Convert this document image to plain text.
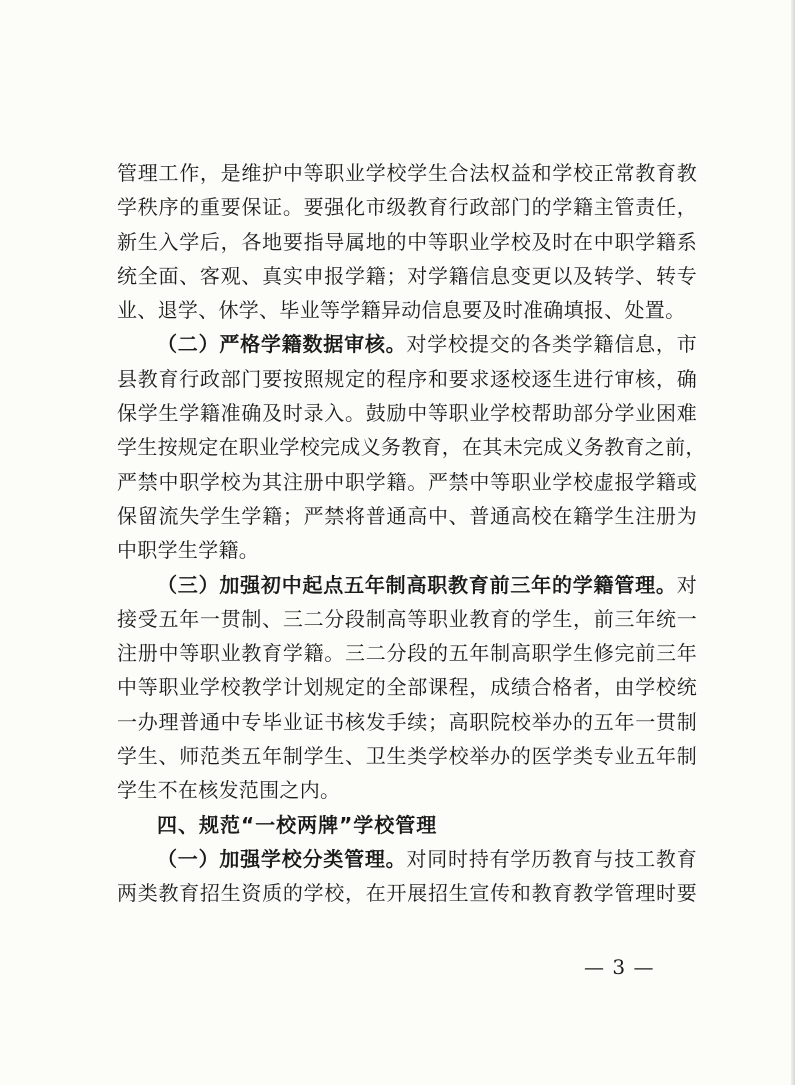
管理工作，是维护中等职业学校学生合法权益和学校正常教育教
学秩序的重要保证。要强化市级教育行政部门的学籍主管责任，
新生入学后，各地要指导属地的中等职业学校及时在中职学籍系
统全面、客观、真实申报学籍；对学籍信息变更以及转学、转专
业、退学、休学、毕业等学籍异动信息要及时准确填报、处置。
（二）严格学籍数据审核。对学校提交的各类学籍信息，市
县教育行政部门要按照规定的程序和要求逐校逐生进行审核，确
保学生学籍准确及时录入。鼓励中等职业学校帮助部分学业困难
学生按规定在职业学校完成义务教育，在其未完成义务教育之前，
严禁中职学校为其注册中职学籍。严禁中等职业学校虚报学籍或
保留流失学生学籍；严禁将普通高中、普通高校在籍学生注册为
中职学生学籍。
（三）加强初中起点五年制高职教育前三年的学籍管理。对
接受五年一贯制、三二分段制高等职业教育的学生，前三年统一
注册中等职业教育学籍。三二分段的五年制高职学生修完前三年
中等职业学校教学计划规定的全部课程，成绩合格者，由学校统
一办理普通中专毕业证书核发手续；高职院校举办的五年一贯制
学生、师范类五年制学生、卫生类学校举办的医学类专业五年制
学生不在核发范围之内。
四、规范“一校两牌”学校管理
（一）加强学校分类管理。对同时持有学历教育与技工教育
两类教育招生资质的学校，在开展招生宣传和教育教学管理时要
— 3 —
